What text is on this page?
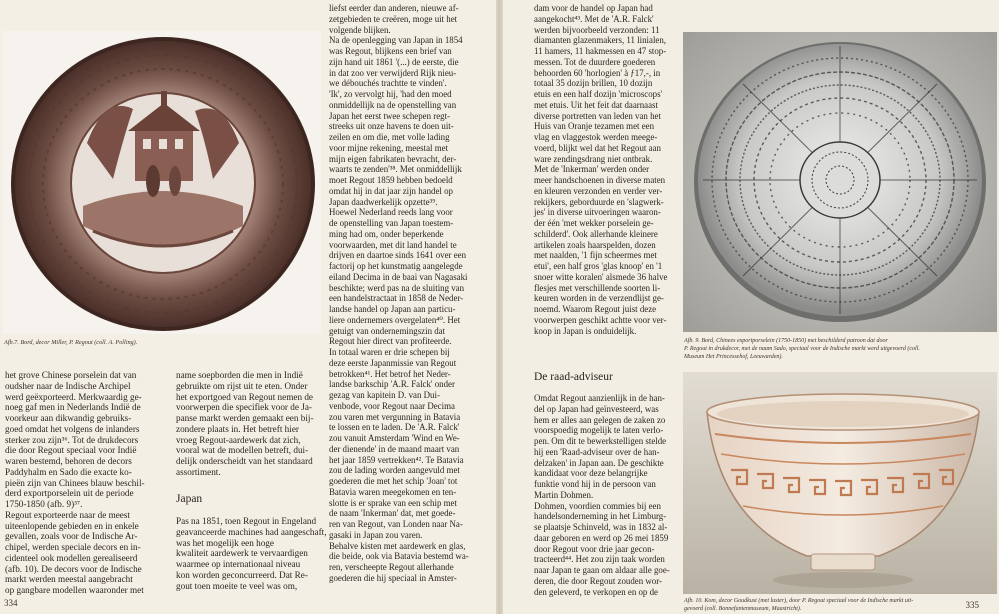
Afb.7. Bord, decor Miller, P. Regout (coll. A. Polling).
het grove Chinese porselein dat van
oudsher naar de Indische Archipel
werd geëxporteerd. Merkwaardig ge-
noeg gaf men in Nederlands Indië de
voorkeur aan dikwandig gebruiks-
goed omdat het volgens de inlanders
sterker zou zijn³⁶. Tot de drukdecors
die door Regout speciaal voor Indië
waren bestemd, behoren de decors
Paddyhalm en Sado die exacte ko-
pieën zijn van Chinees blauw beschil-
derd exportporselein uit de periode
1750-1850 (afb. 9)³⁷.
Regout exporteerde naar de meest
uiteenlopende gebieden en in enkele
gevallen, zoals voor de Indische Ar-
chipel, werden speciale decors en in-
cidenteel ook modellen gerealiseerd
(afb. 10). De decors voor de Indische
markt werden meestal aangebracht
op gangbare modellen waaronder met
name soepborden die men in Indië
gebruikte om rijst uit te eten. Onder
het exportgoed van Regout nemen de
voorwerpen die specifiek voor de Ja-
panse markt werden gemaakt een bij-
zondere plaats in. Het betreft hier
vroeg Regout-aardewerk dat zich,
vooral wat de modellen betreft, dui-
delijk onderscheidt van het standaard
assortiment.
Japan
Pas na 1851, toen Regout in Engeland
geavanceerde machines had aangeschaft,
was het mogelijk een hoge
kwaliteit aardewerk te vervaardigen
waarmee op internationaal niveau
kon worden geconcurreerd. Dat Re-
gout toen moeite te veel was om,
liefst eerder dan anderen, nieuwe af-
zetgebieden te creëren, moge uit het
volgende blijken.
Na de openlegging van Japan in 1854
was Regout, blijkens een brief van
zijn hand uit 1861 '(...) de eerste, die
in dat zoo ver verwijderd Rijk nieu-
we débouchés trachtte te vinden'.
'Ik', zo vervolgt hij, 'had den moed
onmiddellijk na de openstelling van
Japan het eerst twee schepen regt-
streeks uit onze havens te doen uit-
zeilen en om die, met volle lading
voor mijne rekening, meestal met
mijn eigen fabrikaten bevracht, der-
waarts te zenden'³⁸. Met onmiddellijk
moet Regout 1859 hebben bedoeld
omdat hij in dat jaar zijn handel op
Japan daadwerkelijk opzette³⁹.
Hoewel Nederland reeds lang voor
de openstelling van Japan toestem-
ming had om, onder beperkende
voorwaarden, met dit land handel te
drijven en daartoe sinds 1641 over een
factorij op het kunstmatig aangelegde
eiland Decima in de baai van Nagasaki
beschikte; werd pas na de sluiting van
een handelstractaat in 1858 de Neder-
landse handel op Japan aan particu-
liere ondernemers overgelaten⁴⁰. Het
getuigt van ondernemingszin dat
Regout hier direct van profiteerde.
In totaal waren er drie schepen bij
deze eerste Japanmissie van Regout
betrokken⁴¹. Het betrof het Neder-
landse barkschip 'A.R. Falck' onder
gezag van kapitein D. van Dui-
venbode, voor Regout naar Decima
zou varen met vergunning in Batavia
te lossen en te laden. De 'A.R. Falck'
zou vanuit Amsterdam 'Wind en We-
der dienende' in de maand maart van
het jaar 1859 vertrekken⁴². Te Batavia
zou de lading worden aangevuld met
goederen die met het schip 'Joan' tot
Batavia waren meegekomen en ten-
slotte is er sprake van een schip met
de naam 'Inkerman' dat, met goede-
ren van Regout, van Londen naar Na-
gasaki in Japan zou varen.
Behalve kisten met aardewerk en glas,
die beide, ook via Batavia bestemd wa-
ren, verscheepte Regout allerhande
goederen die hij speciaal in Amster-
334
dam voor de handel op Japan had
aangekocht⁴³. Met de 'A.R. Falck'
werden bijvoorbeeld verzonden: 11
diamanten glazenmakers, 11 linialen,
11 hamers, 11 hakmessen en 47 stop-
messen. Tot de duurdere goederen
behoorden 60 'horlogien' à ƒ17,-, in
totaal 35 dozijn brillen, 10 dozijn
etuis en een half dozijn 'microscops'
met etuis. Uit het feit dat daarnaast
diverse portretten van leden van het
Huis van Oranje tezamen met een
vlag en vlaggestok werden meege-
voerd, blijkt wel dat het Regout aan
ware zendingsdrang niet ontbrak.
Met de 'Inkerman' werden onder
meer handschoenen in diverse maten
en kleuren verzonden en verder ver-
rekijkers, geborduurde en 'slagwerk-
jes' in diverse uitvoeringen waaron-
der één 'met wekker porselein ge-
schilderd'. Ook allerhande kleinere
artikelen zoals haarspelden, dozen
met naalden, '1 fijn scheermes met
etui', een half gros 'glas knoop' en '1
snoer witte koralen' alsmede 36 halve
flesjes met verschillende soorten li-
keuren worden in de verzendlijst ge-
noemd. Waarom Regout juist deze
voorwerpen geschikt achtte voor ver-
koop in Japan is onduidelijk.
De raad-adviseur
Omdat Regout aanzienlijk in de han-
del op Japan had geïnvesteerd, was
hem er alles aan gelegen de zaken zo
voorspoedig mogelijk te laten verlo-
pen. Om dit te bewerkstelligen stelde
hij een 'Raad-adviseur over de han-
delzaken' in Japan aan. De geschikte
kandidaat voor deze belangrijke
funktie vond hij in de persoon van
Martin Dohmen.
Dohmen, voordien commies bij een
handelsonderneming in het Limburg-
se plaatsje Schinveld, was in 1832 al-
daar geboren en werd op 26 mei 1859
door Regout voor drie jaar gecon-
tracteerd⁴⁴. Het zou zijn taak worden
naar Japan te gaan om aldaar alle goe-
deren, die door Regout zouden wor-
den geleverd, te verkopen en op de
Afb. 9. Bord, Chinees exportporselein (1750-1850) met beschilderd patroon dat door
P. Regout in drukdecor, met de naam Sado, speciaal voor de Indische markt werd uitgevoerd (coll.
Museum Het Princessehof, Leeuwarden).
Afb. 10. Kom, decor Goudkust (met luster), door P. Regout speciaal voor de Indische markt uit-
gevoerd (coll. Bonnefantenmuseum, Maastricht).	335
